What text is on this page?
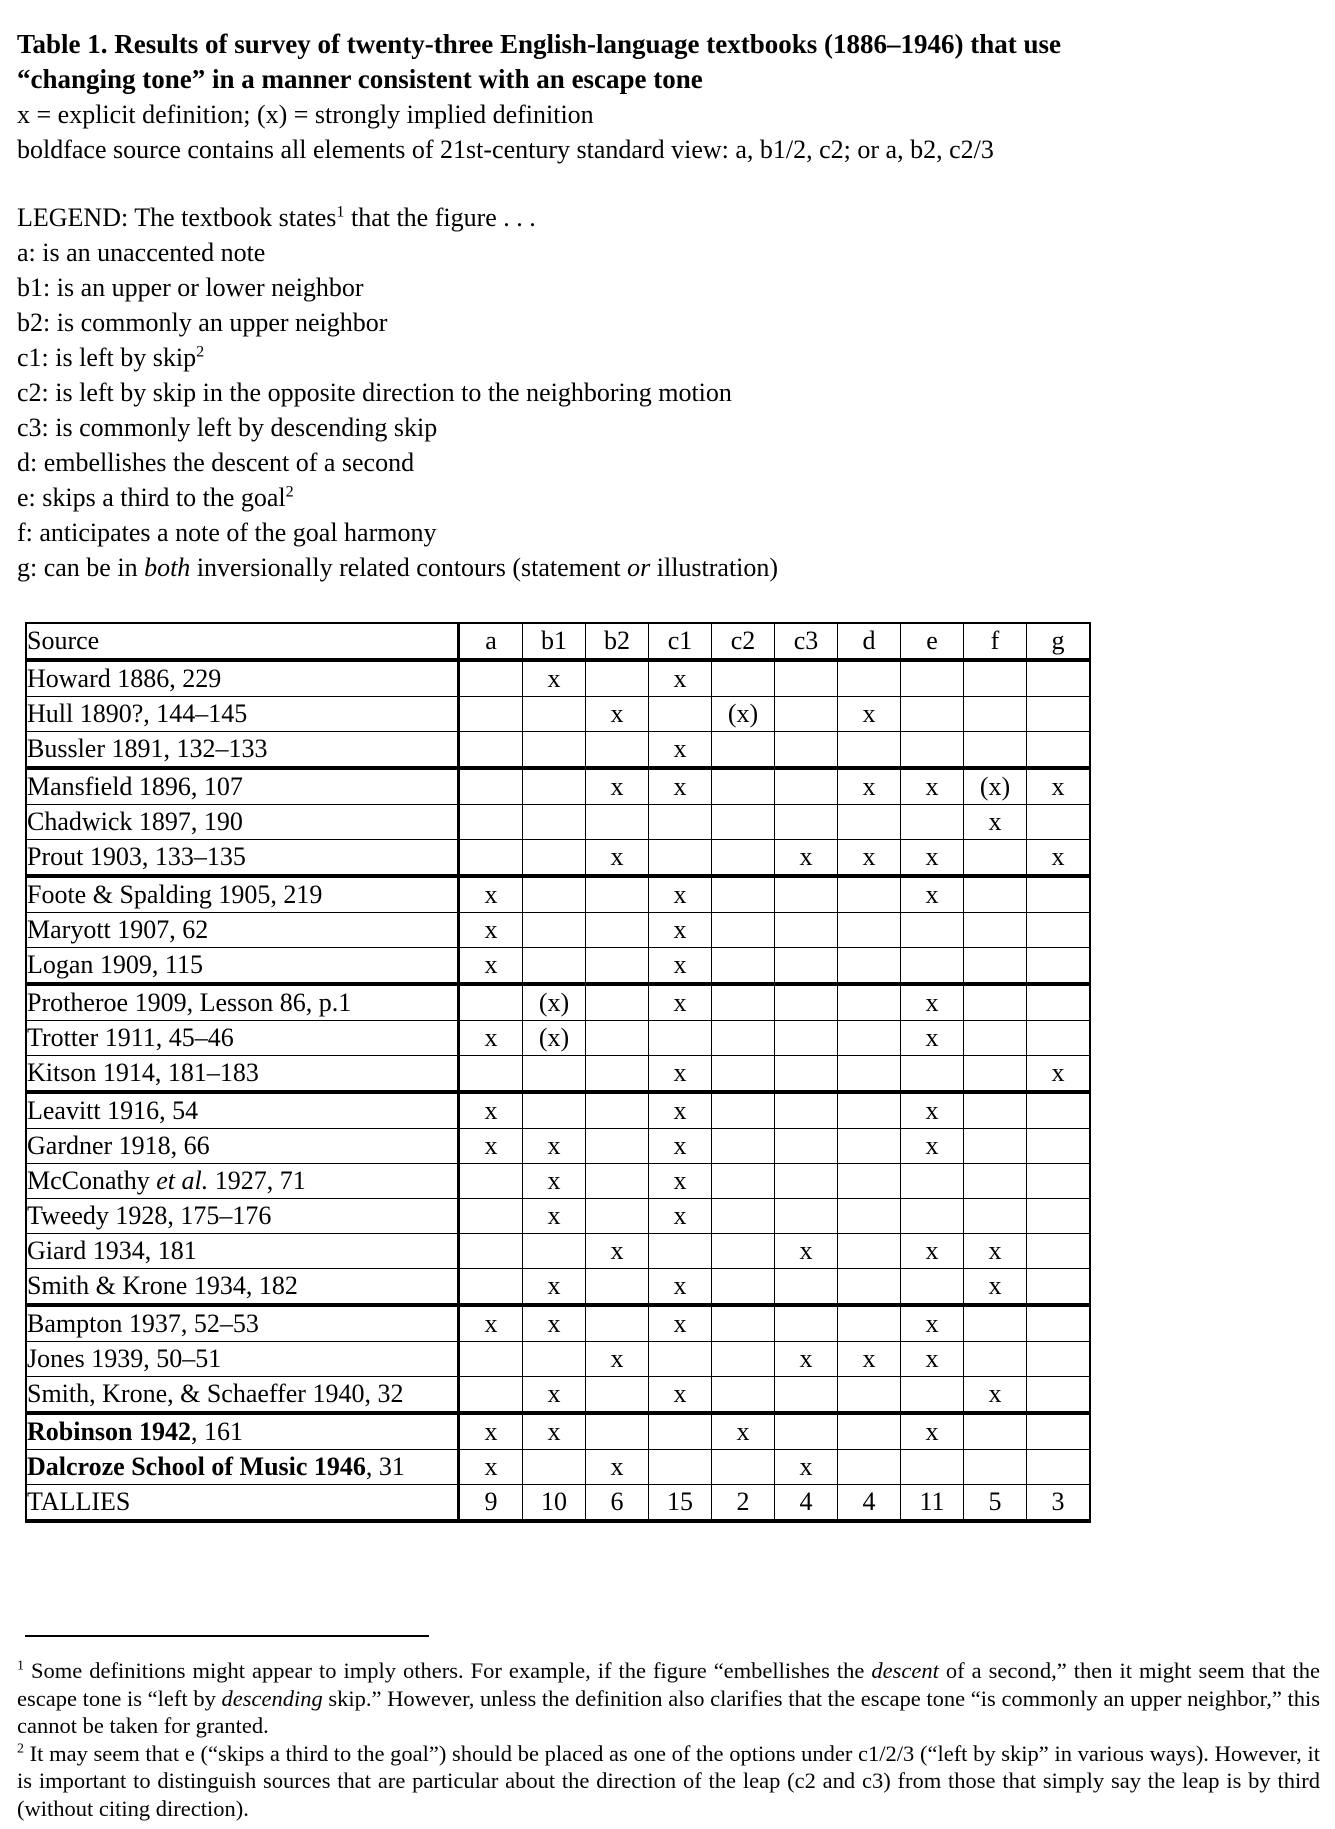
Table 1. Results of survey of twenty-three English-language textbooks (1886–1946) that use
“changing tone” in a manner consistent with an escape tone
x = explicit definition; (x) = strongly implied definition
boldface source contains all elements of 21st-century standard view: a, b1/2, c2; or a, b2, c2/3
LEGEND: The textbook states$^1$ that the figure . . .
a: is an unaccented note
b1: is an upper or lower neighbor
b2: is commonly an upper neighbor
c1: is left by skip$^2$
c2: is left by skip in the opposite direction to the neighboring motion
c3: is commonly left by descending skip
d: embellishes the descent of a second
e: skips a third to the goal$^2$
f: anticipates a note of the goal harmony
g: can be in both inversionally related contours (statement or illustration)
Source	a	b1	b2	c1	c2	c3	d	e	f	g
Howard 1886, 229		x		x						
Hull 1890?, 144–145			x		(x)		x			
Bussler 1891, 132–133				x						
Mansfield 1896, 107			x	x			x	x	(x)	x
Chadwick 1897, 190									x	
Prout 1903, 133–135			x			x	x	x		x
Foote & Spalding 1905, 219	x			x				x		
Maryott 1907, 62	x			x						
Logan 1909, 115	x			x						
Protheroe 1909, Lesson 86, p.1		(x)		x				x		
Trotter 1911, 45–46	x	(x)						x		
Kitson 1914, 181–183				x						x
Leavitt 1916, 54	x			x				x		
Gardner 1918, 66	x	x		x				x		
McConathy et al. 1927, 71		x		x						
Tweedy 1928, 175–176		x		x						
Giard 1934, 181			x			x		x	x	
Smith & Krone 1934, 182		x		x					x	
Bampton 1937, 52–53	x	x		x				x		
Jones 1939, 50–51			x			x	x	x		
Smith, Krone, & Schaeffer 1940, 32		x		x					x	
Robinson 1942, 161	x	x			x			x		
Dalcroze School of Music 1946, 31	x		x			x				
TALLIES	9	10	6	15	2	4	4	11	5	3
$^1$ Some definitions might appear to imply others. For example, if the figure “embellishes the descent of a second,” then it might seem that the escape tone is “left by descending skip.” However, unless the definition also clarifies that the escape tone “is commonly an upper neighbor,” this cannot be taken for granted.
$^2$ It may seem that e (“skips a third to the goal”) should be placed as one of the options under c1/2/3 (“left by skip” in various ways). However, it is important to distinguish sources that are particular about the direction of the leap (c2 and c3) from those that simply say the leap is by third (without citing direction).
